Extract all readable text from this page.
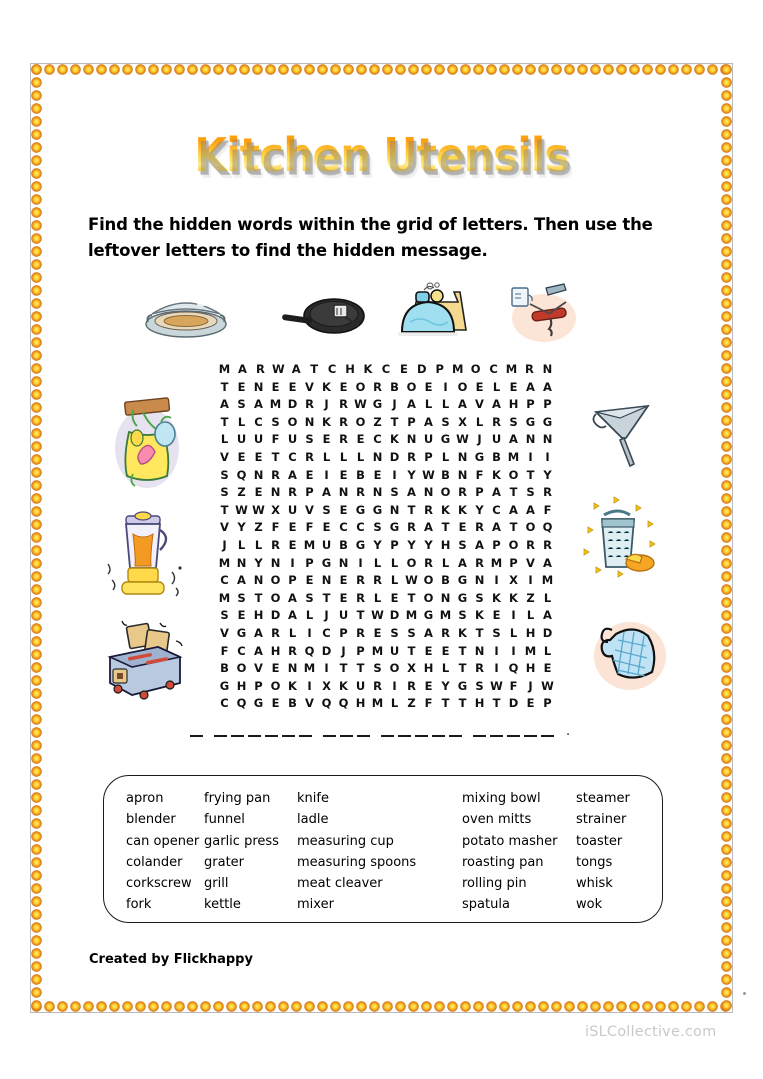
Kitchen Utensils
Find the hidden words within the grid of letters. Then use the leftover letters to find the hidden message.
M A R W A T C H K C E D P M O C M R N
T E N E E V K E O R B O E I O E L E A A
A S A M D R J R W G J A L L A V A H P P
T L C S O N K R O Z T P A S X L R S G G
L U U F U S E R E C K N U G W J U A N N
V E E T C R L L L N D R P L N G B M I	I
S Q N R A E I E B E I Y W B N F K O T Y
S Z E N R P A N R N S A N O R P A T S R
T W W X U V S E G G N T R K K Y C A A F
V Y Z F E F E C C S G R A T E R A T O Q
J L L R E M U B G Y P Y Y H S A P O R R
M N Y N I P G N I L L O R L A R M P V A
C A N O P E N E R R L W O B G N I X I M
M S T O A S T E R L E T O N G S K K Z L
S E H D A L J U T W D M G M S K E I L A
V G A R L I C P R E S S A R K T S L H D
F C A H R Q D J P M U T E E T N I	I M L
B O V E N M I T T S O X H L T R I Q H E
G H P O K I X K U R I R E Y G S W F J W
C Q G E B V Q Q H M L Z F T T H T D E P
.
apron
blender
can opener
colander
corkscrew
fork
frying pan
funnel
garlic press
grater
grill
kettle
knife
ladle
measuring cup
measuring spoons
meat cleaver
mixer
mixing bowl
oven mitts
potato masher
roasting pan
rolling pin
spatula
steamer
strainer
toaster
tongs
whisk
wok
Created by Flickhappy
iSLCollective.com
